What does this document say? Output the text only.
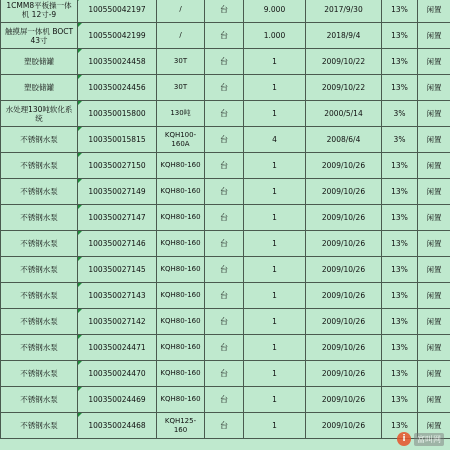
1CMM8平板操一体机 12寸-9	100550042197	/	台	9.000	2017/9/30	13%	闲置
触摸屏一体机 BOCT 43寸	100550042199	/	台	1.000	2018/9/4	13%	闲置
塑胶储罐	100350024458	30T	台	1	2009/10/22	13%	闲置
塑胶储罐	100350024456	30T	台	1	2009/10/22	13%	闲置
水处理130吨软化系统	100350015800	130吨	台	1	2000/5/14	3%	闲置
不锈钢水泵	100350015815	KQH100-160A	台	4	2008/6/4	3%	闲置
不锈钢水泵	100350027150	KQH80-160	台	1	2009/10/26	13%	闲置
不锈钢水泵	100350027149	KQH80-160	台	1	2009/10/26	13%	闲置
不锈钢水泵	100350027147	KQH80-160	台	1	2009/10/26	13%	闲置
不锈钢水泵	100350027146	KQH80-160	台	1	2009/10/26	13%	闲置
不锈钢水泵	100350027145	KQH80-160	台	1	2009/10/26	13%	闲置
不锈钢水泵	100350027143	KQH80-160	台	1	2009/10/26	13%	闲置
不锈钢水泵	100350027142	KQH80-160	台	1	2009/10/26	13%	闲置
不锈钢水泵	100350024471	KQH80-160	台	1	2009/10/26	13%	闲置
不锈钢水泵	100350024470	KQH80-160	台	1	2009/10/26	13%	闲置
不锈钢水泵	100350024469	KQH80-160	台	1	2009/10/26	13%	闲置
不锈钢水泵	100350024468	KQH125-160	台	1	2009/10/26	13%	闲置
i	富叫网
